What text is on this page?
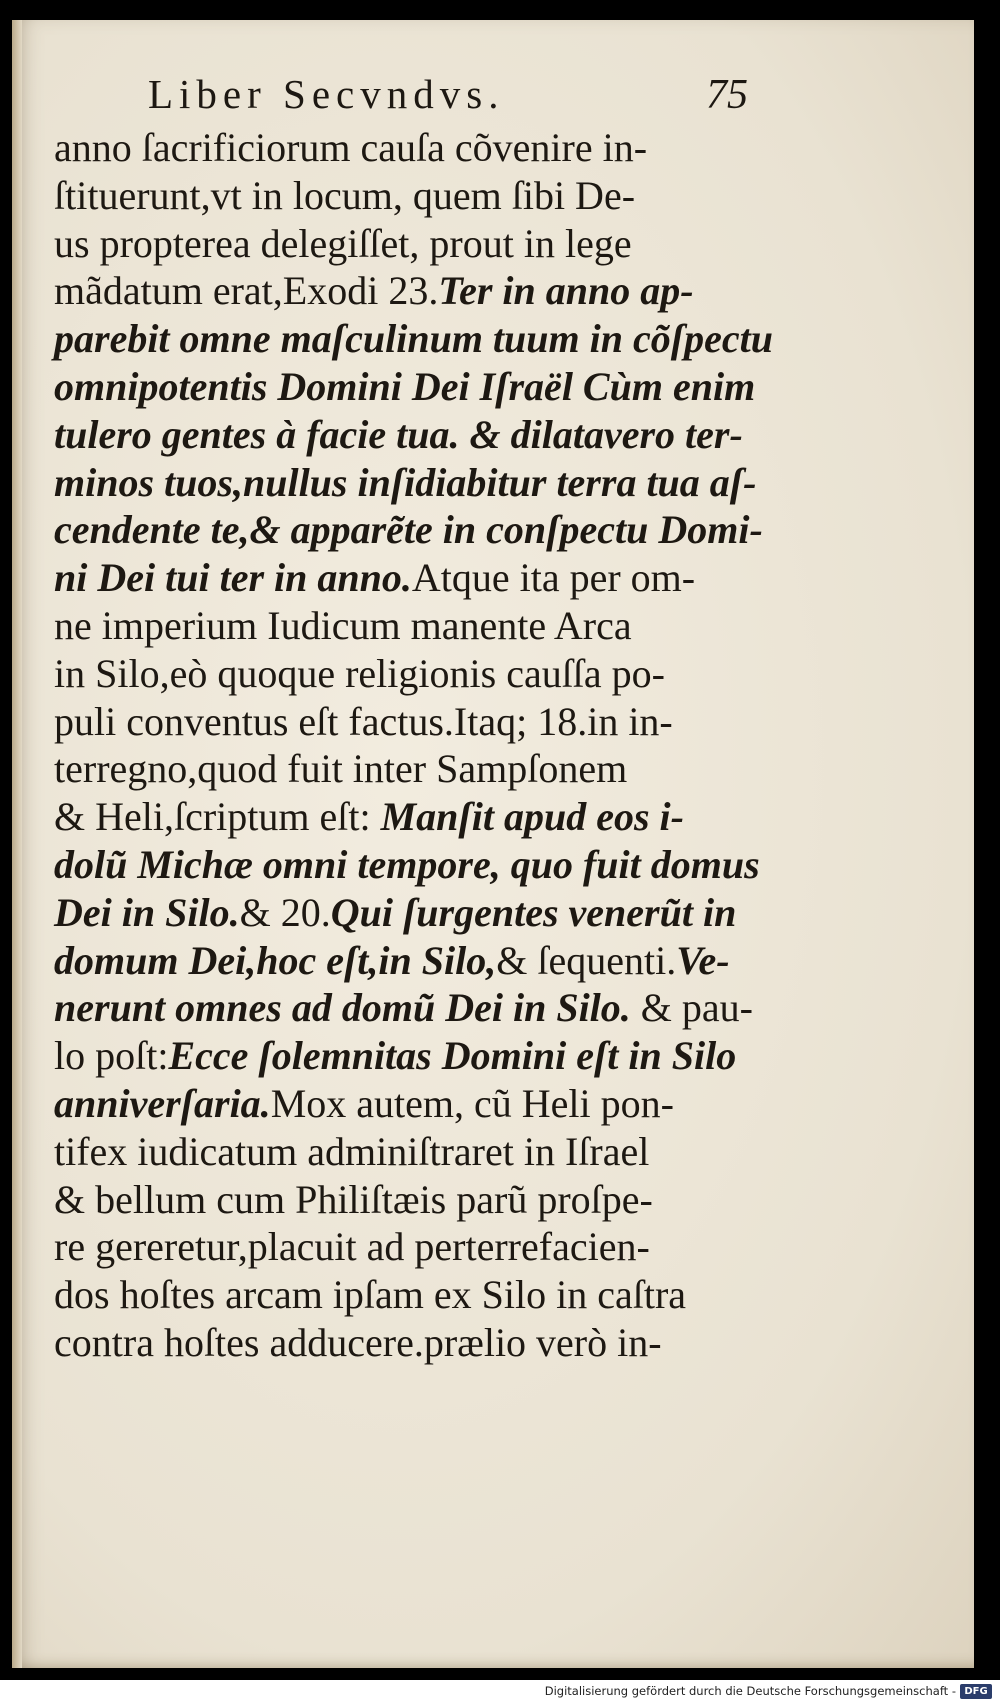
Liber Secvndvs.	75
anno ſacrificiorum cauſa cõvenire in-
ſtituerunt,vt in locum, quem ſibi De-
us propterea delegiſſet, prout in lege
mãdatum erat,Exodi 23.Ter in anno ap-
parebit omne maſculinum tuum in cõſpectu
omnipotentis Domini Dei Iſraël Cùm enim
tulero gentes à facie tua. & dilatavero ter-
minos tuos,nullus inſidiabitur terra tua aſ-
cendente te,& apparẽte in conſpectu Domi-
ni Dei tui ter in anno.Atque ita per om-
ne imperium Iudicum manente Arca
in Silo,eò quoque religionis cauſſa po-
puli conventus eſt factus.Itaq; 18.in in-
terregno,quod fuit inter Sampſonem
& Heli,ſcriptum eſt: Manſit apud eos i-
dolũ Michæ omni tempore, quo fuit domus
Dei in Silo.& 20.Qui ſurgentes venerũt in
domum Dei,hoc eſt,in Silo,& ſequenti.Ve-
nerunt omnes ad domũ Dei in Silo. & pau-
lo poſt:Ecce ſolemnitas Domini eſt in Silo
anniverſaria.Mox autem, cũ Heli pon-
tifex iudicatum adminiſtraret in Iſrael
& bellum cum Philiſtæis parũ proſpe-
re gereretur,placuit ad perterrefacien-
dos hoſtes arcam ipſam ex Silo in caſtra
contra hoſtes adducere.prælio verò in-
Digitalisierung gefördert durch die Deutsche Forschungsgemeinschaft - DFG
